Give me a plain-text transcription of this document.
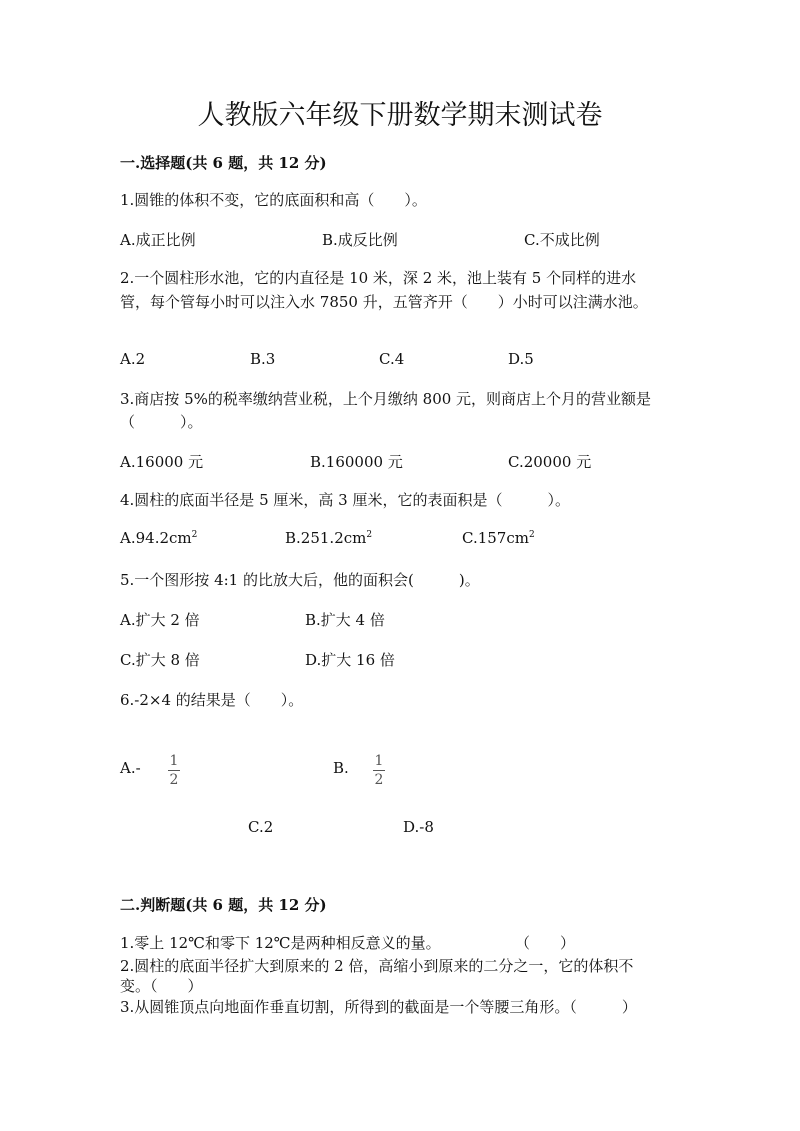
人教版六年级下册数学期末测试卷
一.选择题(共 6 题，共 12 分)
1.圆锥的体积不变，它的底面积和高（　　）。
A.成正比例	B.成反比例	C.不成比例
2.一个圆柱形水池，它的内直径是 10 米，深 2 米，池上装有 5 个同样的进水
管，每个管每小时可以注入水 7850 升，五管齐开（　　）小时可以注满水池。
A.2	B.3	C.4	D.5
3.商店按 5%的税率缴纳营业税，上个月缴纳 800 元，则商店上个月的营业额是
（　　　）。
A.16000 元	B.160000 元	C.20000 元
4.圆柱的底面半径是 5 厘米，高 3 厘米，它的表面积是（　　　）。
$A.94.2cm^2$	$B.251.2cm^2$	$C.157cm^2$
5.一个图形按 4:1 的比放大后，他的面积会(　　　)。
A.扩大 2 倍	B.扩大 4 倍
C.扩大 8 倍	D.扩大 16 倍
6.-2×4 的结果是（　　）。
$A.- \frac{1}{2}$	B. $\frac{1}{2}$
C.2	D.-8
二.判断题(共 6 题，共 12 分)
1.零上 12℃和零下 12℃是两种相反意义的量。	（　　）
2.圆柱的底面半径扩大到原来的 2 倍，高缩小到原来的二分之一，它的体积不
变。（　　）
3.从圆锥顶点向地面作垂直切割，所得到的截面是一个等腰三角形。（　　　）
